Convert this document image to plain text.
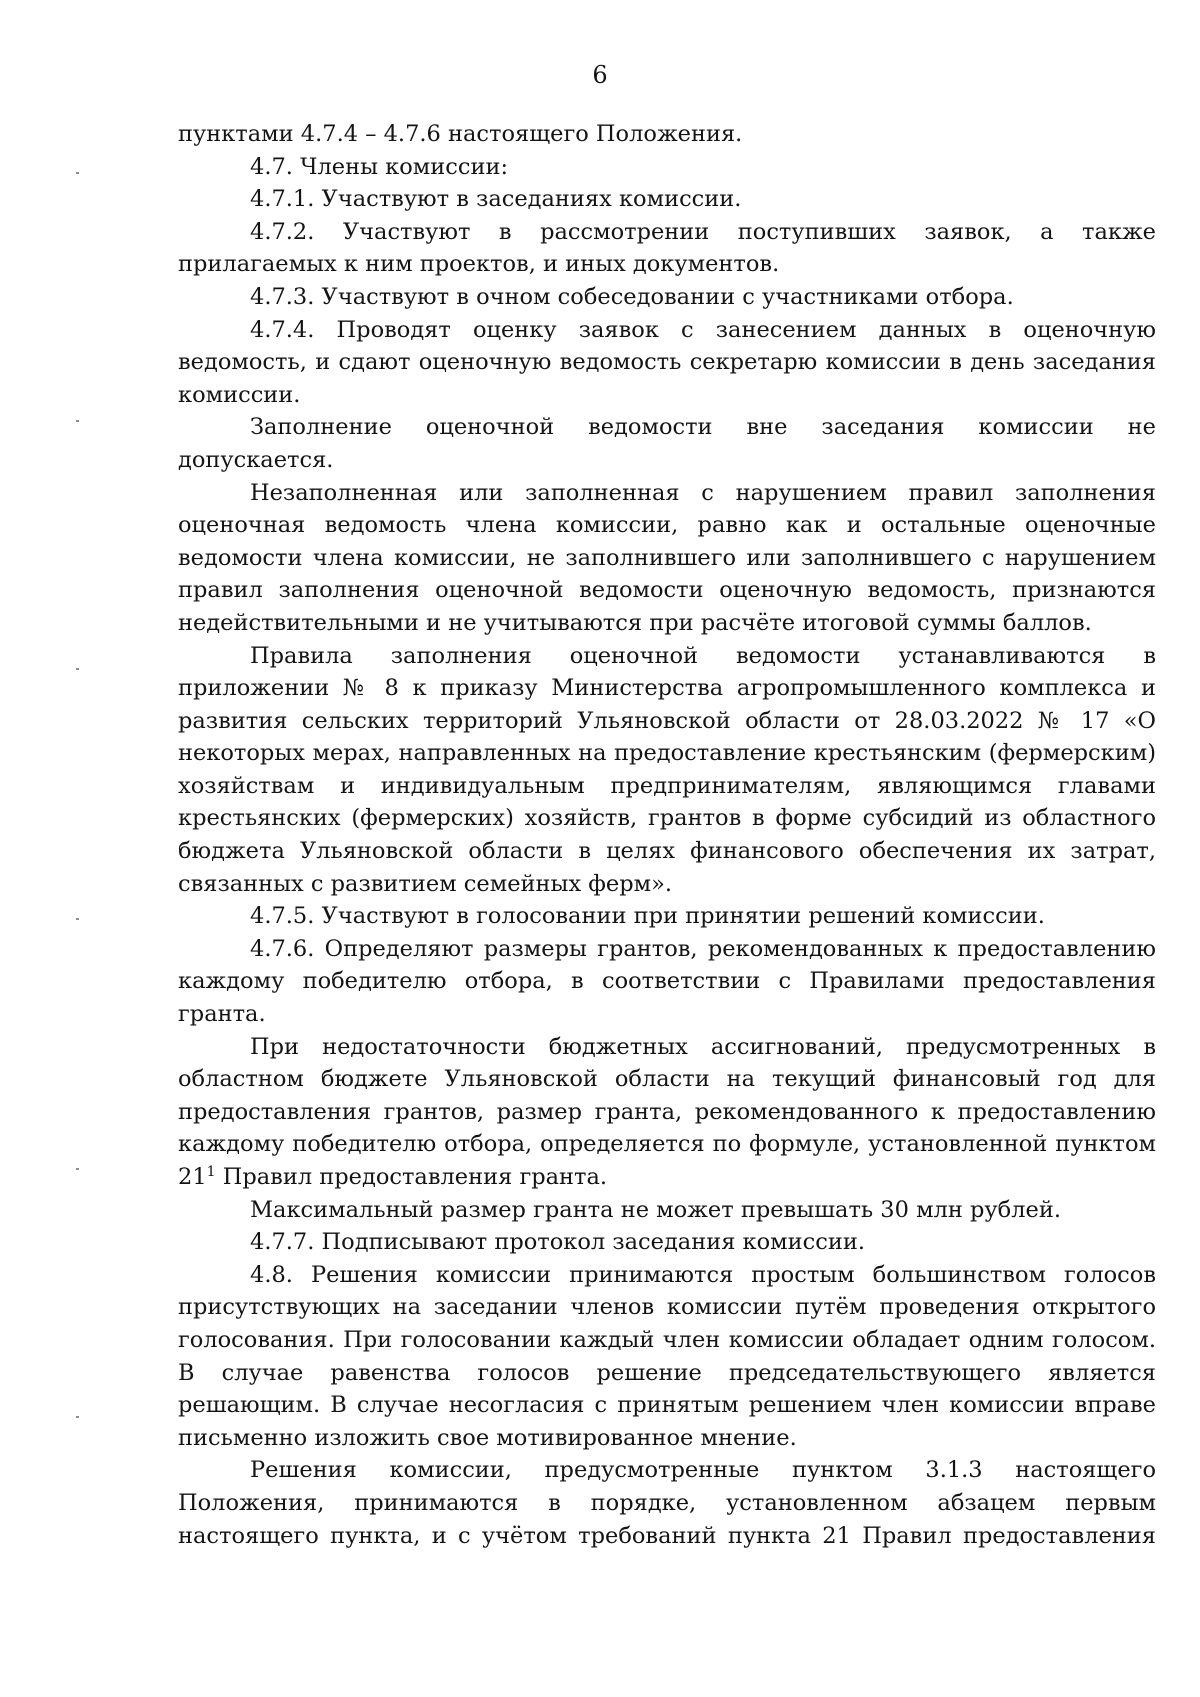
6

пунктами 4.7.4 – 4.7.6 настоящего Положения.

4.7. Члены комиссии:

4.7.1. Участвуют в заседаниях комиссии.

4.7.2. Участвуют в рассмотрении поступивших заявок, а также прилагаемых к ним проектов, и иных документов.

4.7.3. Участвуют в очном собеседовании с участниками отбора.

4.7.4. Проводят оценку заявок с занесением данных в оценочную ведомость, и сдают оценочную ведомость секретарю комиссии в день заседания комиссии.

Заполнение оценочной ведомости вне заседания комиссии не допускается.

Незаполненная или заполненная с нарушением правил заполнения оценочная ведомость члена комиссии, равно как и остальные оценочные ведомости члена комиссии, не заполнившего или заполнившего с нарушением правил заполнения оценочной ведомости оценочную ведомость, признаются недействительными и не учитываются при расчёте итоговой суммы баллов.

Правила заполнения оценочной ведомости устанавливаются в приложении № 8 к приказу Министерства агропромышленного комплекса и развития сельских территорий Ульяновской области от 28.03.2022 № 17 «О некоторых мерах, направленных на предоставление крестьянским (фермерским) хозяйствам и индивидуальным предпринимателям, являющимся главами крестьянских (фермерских) хозяйств, грантов в форме субсидий из областного бюджета Ульяновской области в целях финансового обеспечения их затрат, связанных с развитием семейных ферм».

4.7.5. Участвуют в голосовании при принятии решений комиссии.

4.7.6. Определяют размеры грантов, рекомендованных к предоставлению каждому победителю отбора, в соответствии с Правилами предоставления гранта.

При недостаточности бюджетных ассигнований, предусмотренных в областном бюджете Ульяновской области на текущий финансовый год для предоставления грантов, размер гранта, рекомендованного к предоставлению каждому победителю отбора, определяется по формуле, установленной пунктом $21^1$ Правил предоставления гранта.

Максимальный размер гранта не может превышать 30 млн рублей.

4.7.7. Подписывают протокол заседания комиссии.

4.8. Решения комиссии принимаются простым большинством голосов присутствующих на заседании членов комиссии путём проведения открытого голосования. При голосовании каждый член комиссии обладает одним голосом. В случае равенства голосов решение председательствующего является решающим. В случае несогласия с принятым решением член комиссии вправе письменно изложить свое мотивированное мнение.

Решения комиссии, предусмотренные пунктом 3.1.3 настоящего Положения, принимаются в порядке, установленном абзацем первым настоящего пункта, и с учётом требований пункта 21 Правил предоставления
